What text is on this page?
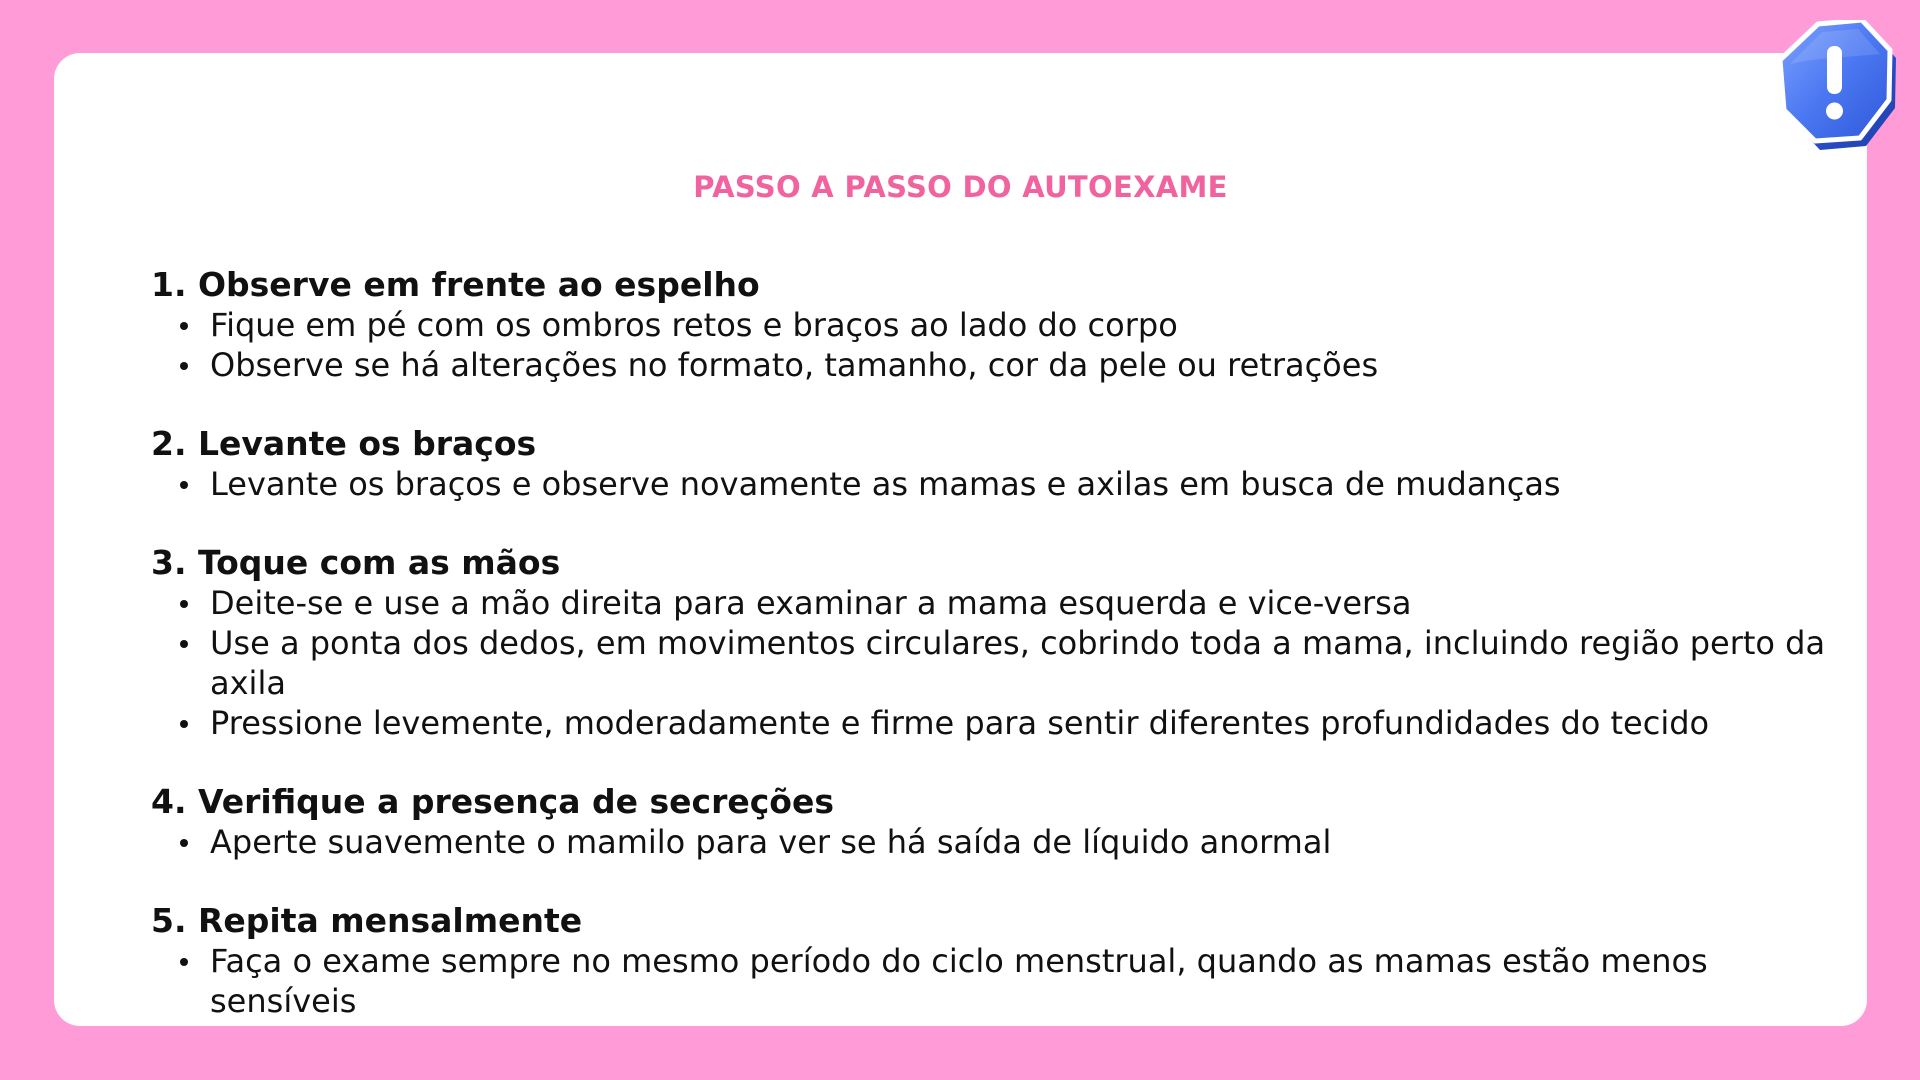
PASSO A PASSO DO AUTOEXAME

1. Observe em frente ao espelho

Fique em pé com os ombros retos e braços ao lado do corpo
Observe se há alterações no formato, tamanho, cor da pele ou retrações

2. Levante os braços

Levante os braços e observe novamente as mamas e axilas em busca de mudanças

3. Toque com as mãos

Deite-se e use a mão direita para examinar a mama esquerda e vice-versa
Use a ponta dos dedos, em movimentos circulares, cobrindo toda a mama, incluindo região perto da axila
Pressione levemente, moderadamente e firme para sentir diferentes profundidades do tecido

4. Verifique a presença de secreções

Aperte suavemente o mamilo para ver se há saída de líquido anormal

5. Repita mensalmente

Faça o exame sempre no mesmo período do ciclo menstrual, quando as mamas estão menos sensíveis
